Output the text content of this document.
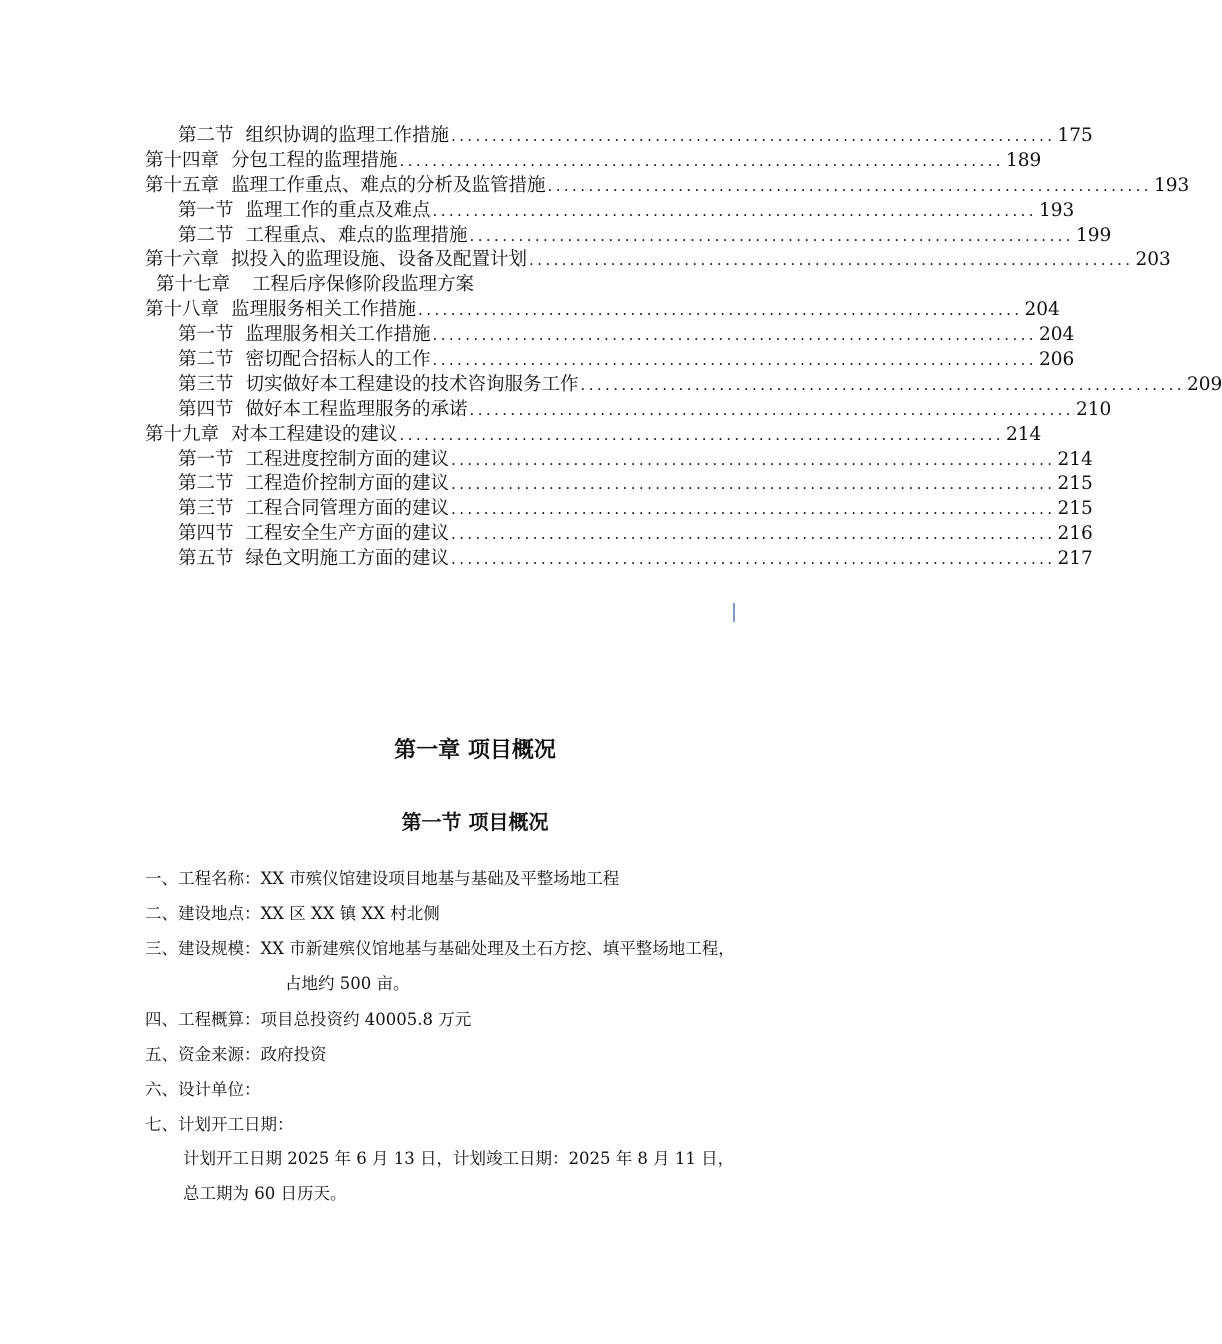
第二节 组织协调的监理工作措施 .......................................................................... 175
第十四章 分包工程的监理措施 .......................................................................... 189
第十五章 监理工作重点、难点的分析及监管措施 .......................................................................... 193
第一节 监理工作的重点及难点 .......................................................................... 193
第二节 工程重点、难点的监理措施 .......................................................................... 199
第十六章 拟投入的监理设施、设备及配置计划 .......................................................................... 203
第十七章	工程后序保修阶段监理方案
第十八章 监理服务相关工作措施 .......................................................................... 204
第一节 监理服务相关工作措施 .......................................................................... 204
第二节 密切配合招标人的工作 .......................................................................... 206
第三节 切实做好本工程建设的技术咨询服务工作 .......................................................................... 209
第四节 做好本工程监理服务的承诺 .......................................................................... 210
第十九章 对本工程建设的建议 .......................................................................... 214
第一节 工程进度控制方面的建议 .......................................................................... 214
第二节 工程造价控制方面的建议 .......................................................................... 215
第三节 工程合同管理方面的建议 .......................................................................... 215
第四节 工程安全生产方面的建议 .......................................................................... 216
第五节 绿色文明施工方面的建议 .......................................................................... 217
第一章 项目概况
第一节 项目概况
一、工程名称：XX 市殡仪馆建设项目地基与基础及平整场地工程
二、建设地点：XX 区 XX 镇 XX 村北侧
三、建设规模：XX 市新建殡仪馆地基与基础处理及土石方挖、填平整场地工程，
占地约 500 亩。
四、工程概算：项目总投资约 40005.8 万元
五、资金来源：政府投资
六、设计单位：
七、计划开工日期：
计划开工日期 2025 年 6 月 13 日，计划竣工日期：2025 年 8 月 11 日，
总工期为 60 日历天。
